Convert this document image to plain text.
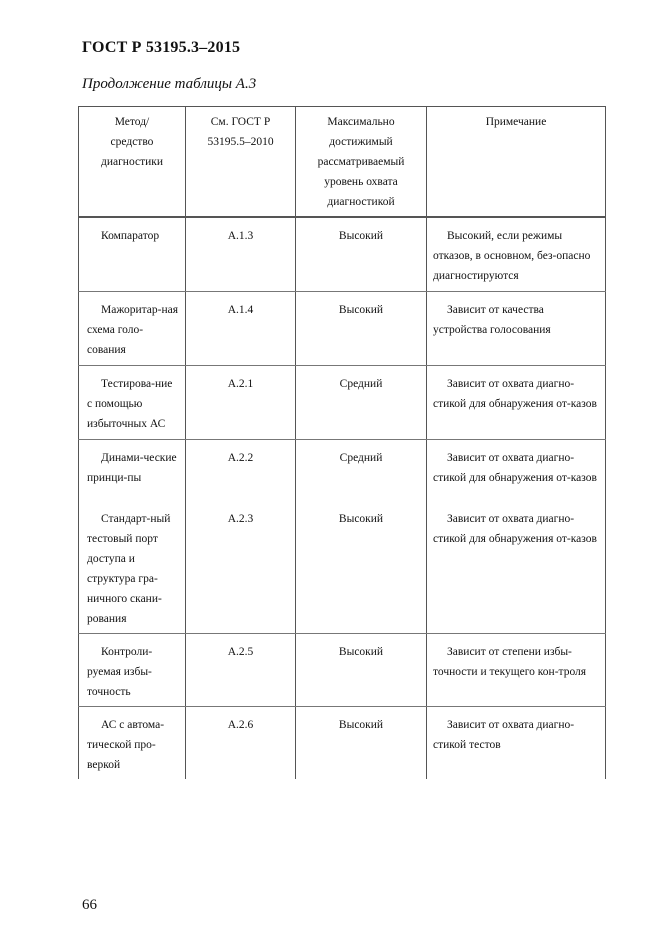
ГОСТ Р 53195.3–2015
Продолжение таблицы А.3
Метод/ средство диагностики	См. ГОСТ Р 53195.5–2010	Максимально достижимый рассматриваемый уровень охвата диагностикой	Примечание

Компаратор	А.1.3	Высокий	Высокий, если режимы отказов, в основном, без-опасно диагностируются

Мажоритар-ная схема голо-сования	А.1.4	Высокий	Зависит от качества устройства голосования

Тестирова-ние с помощью избыточных АС	А.2.1	Средний	Зависит от охвата диагно-стикой для обнаружения от-казов

Динами-ческие принци-пы	А.2.2	Средний	Зависит от охвата диагно-стикой для обнаружения от-казов

Стандарт-ный тестовый порт доступа и структура гра-ничного скани-рования	А.2.3	Высокий	Зависит от охвата диагно-стикой для обнаружения от-казов

Контроли-руемая избы-точность	А.2.5	Высокий	Зависит от степени избы-точности и текущего кон-троля

АС с автома-тической про-веркой	А.2.6	Высокий	Зависит от охвата диагно-стикой тестов
66
